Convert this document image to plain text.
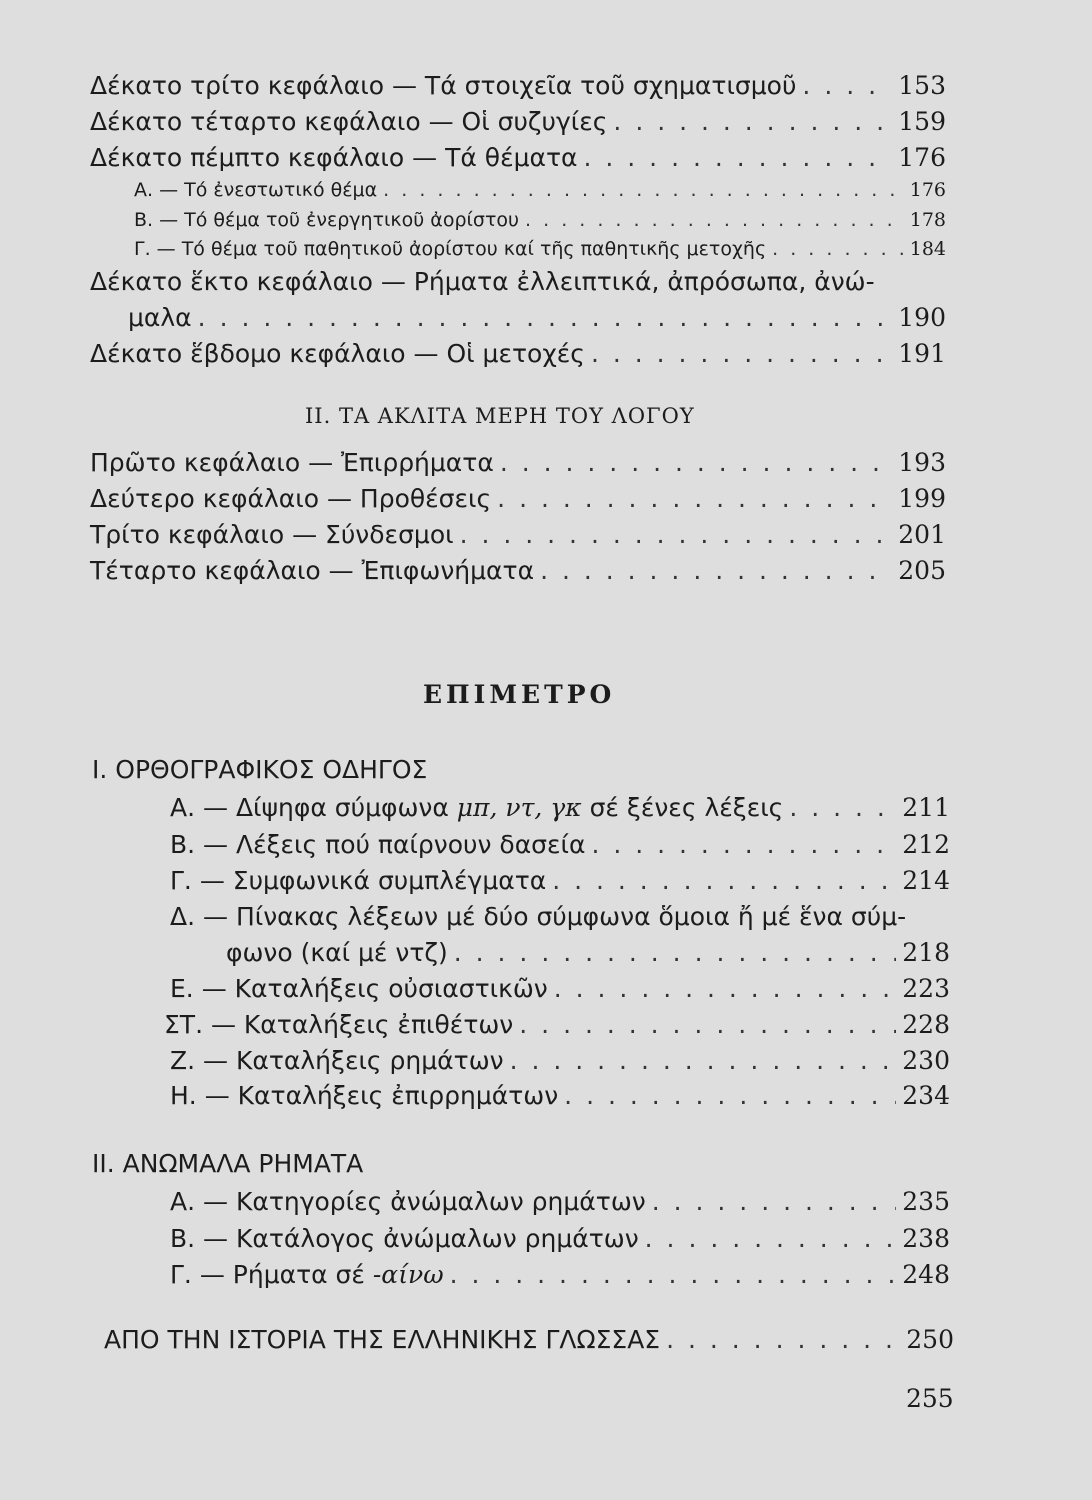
Δέκατο τρίτο κεφάλαιο — Τά στοιχεῖα τοῦ σχηματισμοῦ . . .	153
Δέκατο τέταρτο κεφάλαιο — Οἱ συζυγίες . . .	159
Δέκατο πέμπτο κεφάλαιο — Τά θέματα . . .	176
Α. — Τό ἐνεστωτικό θέμα . . .	176
Β. — Τό θέμα τοῦ ἐνεργητικοῦ ἀορίστου . . .	178
Γ. — Τό θέμα τοῦ παθητικοῦ ἀορίστου καί τῆς παθητικῆς μετοχῆς . . .	184
Δέκατο ἕκτο κεφάλαιο — Ρήματα ἐλλειπτικά, ἀπρόσωπα, ἀνώ-
μαλα . . .	190
Δέκατο ἕβδομο κεφάλαιο — Οἱ μετοχές . . .	191
ΙΙ. ΤΑ ΑΚΛΙΤΑ ΜΕΡΗ ΤΟΥ ΛΟΓΟΥ
Πρῶτο κεφάλαιο — Ἐπιρρήματα . . .	193
Δεύτερο κεφάλαιο — Προθέσεις . . .	199
Τρίτο κεφάλαιο — Σύνδεσμοι . . .	201
Τέταρτο κεφάλαιο — Ἐπιφωνήματα . . .	205
ΕΠΙΜΕΤΡΟ
Ι. ΟΡΘΟΓΡΑΦΙΚΟΣ ΟΔΗΓΟΣ
Α. — Δίψηφα σύμφωνα μπ, ντ, γκ σέ ξένες λέξεις . . .	211
Β. — Λέξεις πού παίρνουν δασεία . . .	212
Γ. — Συμφωνικά συμπλέγματα . . .	214
Δ. — Πίνακας λέξεων μέ δύο σύμφωνα ὅμοια ἤ μέ ἕνα σύμ-
φωνο (καί μέ ντζ) . . .	218
Ε. — Καταλήξεις οὐσιαστικῶν . . .	223
ΣΤ. — Καταλήξεις ἐπιθέτων . . .	228
Ζ. — Καταλήξεις ρημάτων . . .	230
Η. — Καταλήξεις ἐπιρρημάτων . . .	234
ΙΙ. ΑΝΩΜΑΛΑ ΡΗΜΑΤΑ
Α. — Κατηγορίες ἀνώμαλων ρημάτων . . .	235
Β. — Κατάλογος ἀνώμαλων ρημάτων . . .	238
Γ. — Ρήματα σέ -αίνω . . .	248
ΑΠΟ ΤΗΝ ΙΣΤΟΡΙΑ ΤΗΣ ΕΛΛΗΝΙΚΗΣ ΓΛΩΣΣΑΣ . . .	250
255
